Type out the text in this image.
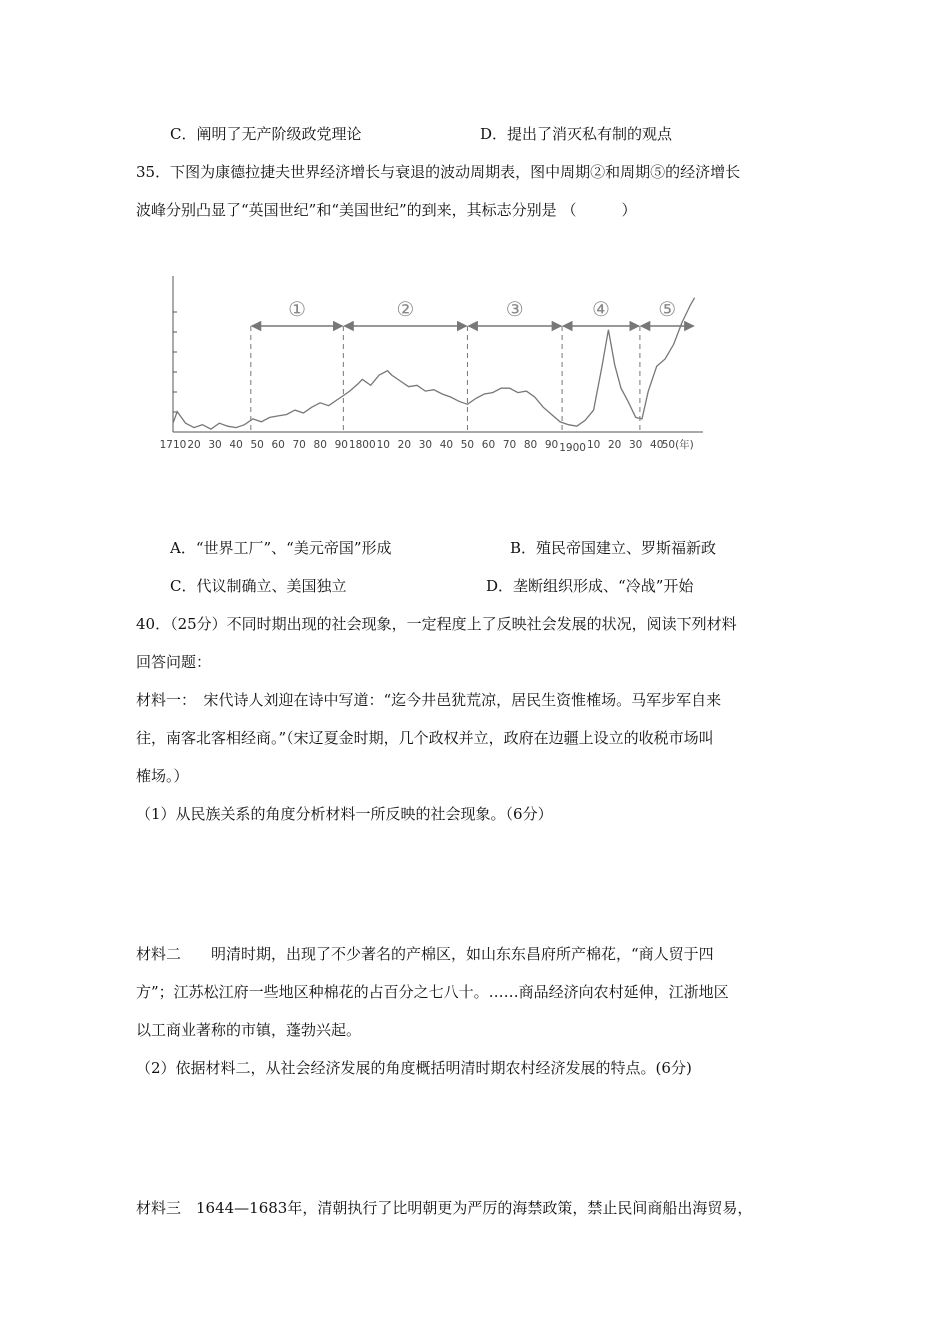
C．阐明了无产阶级政党理论	D．提出了消灭私有制的观点
35．下图为康德拉捷夫世界经济增长与衰退的波动周期表，图中周期②和周期⑤的经济增长
波峰分别凸显了“英国世纪”和“美国世纪”的到来，其标志分别是 （　　　）
①	②	③	④ ⑤
1710 20 30 40 50 60 70 80 90 1800 10 20 30 40 50 60 70 80 90 1900 10 20 30 40
50(年)
A．“世界工厂”、“美元帝国”形成	B．殖民帝国建立、罗斯福新政
C．代议制确立、美国独立	D．垄断组织形成、“冷战”开始
40．（25分）不同时期出现的社会现象，一定程度上了反映社会发展的状况，阅读下列材料
回答问题：
材料一：　宋代诗人刘迎在诗中写道：“迄今井邑犹荒凉，居民生资惟榷场。马军步军自来
往，南客北客相经商。”（宋辽夏金时期，几个政权并立，政府在边疆上设立的收税市场叫
榷场。）
（1）从民族关系的角度分析材料一所反映的社会现象。（6分）
材料二　　明清时期，出现了不少著名的产棉区，如山东东昌府所产棉花，“商人贸于四
方”；江苏松江府一些地区种棉花的占百分之七八十。……商品经济向农村延伸，江浙地区
以工商业著称的市镇，蓬勃兴起。
（2）依据材料二，从社会经济发展的角度概括明清时期农村经济发展的特点。(6分)
材料三　1644—1683年，清朝执行了比明朝更为严厉的海禁政策，禁止民间商船出海贸易，
